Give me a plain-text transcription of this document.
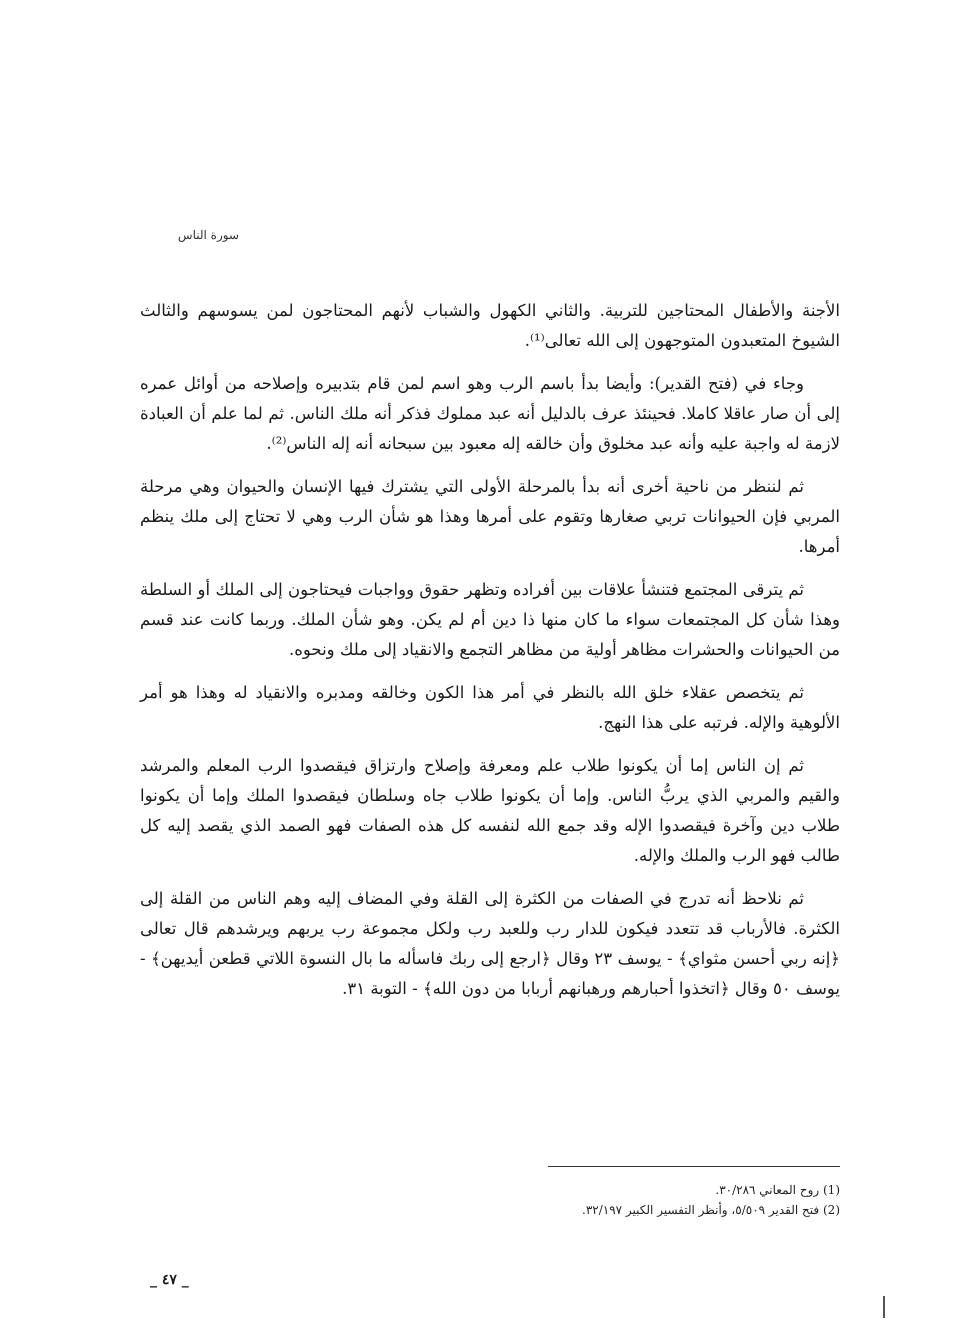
سورة الناس

الأجنة والأطفال المحتاجين للتربية. والثاني الكهول والشباب لأنهم المحتاجون لمن يسوسهم والثالث الشيوخ المتعبدون المتوجهون إلى الله تعالى⁽¹⁾.

وجاء في (فتح القدير): وأيضا بدأ باسم الرب وهو اسم لمن قام بتدبيره وإصلاحه من أوائل عمره إلى أن صار عاقلا كاملا. فحينئذ عرف بالدليل أنه عبد مملوك فذكر أنه ملك الناس. ثم لما علم أن العبادة لازمة له واجبة عليه وأنه عبد مخلوق وأن خالقه إله معبود بين سبحانه أنه إله الناس⁽²⁾.

ثم لننظر من ناحية أخرى أنه بدأ بالمرحلة الأولى التي يشترك فيها الإنسان والحيوان وهي مرحلة المربي فإن الحيوانات تربي صغارها وتقوم على أمرها وهذا هو شأن الرب وهي لا تحتاج إلى ملك ينظم أمرها.

ثم يترقى المجتمع فتنشأ علاقات بين أفراده وتظهر حقوق وواجبات فيحتاجون إلى الملك أو السلطة وهذا شأن كل المجتمعات سواء ما كان منها ذا دين أم لم يكن. وهو شأن الملك. وربما كانت عند قسم من الحيوانات والحشرات مظاهر أولية من مظاهر التجمع والانقياد إلى ملك ونحوه.

ثم يتخصص عقلاء خلق الله بالنظر في أمر هذا الكون وخالقه ومدبره والانقياد له وهذا هو أمر الألوهية والإله. فرتبه على هذا النهج.

ثم إن الناس إما أن يكونوا طلاب علم ومعرفة وإصلاح وارتزاق فيقصدوا الرب المعلم والمرشد والقيم والمربي الذي يربُّ الناس. وإما أن يكونوا طلاب جاه وسلطان فيقصدوا الملك وإما أن يكونوا طلاب دين وآخرة فيقصدوا الإله وقد جمع الله لنفسه كل هذه الصفات فهو الصمد الذي يقصد إليه كل طالب فهو الرب والملك والإله.

ثم نلاحظ أنه تدرج في الصفات من الكثرة إلى القلة وفي المضاف إليه وهم الناس من القلة إلى الكثرة. فالأرباب قد تتعدد فيكون للدار رب وللعبد رب ولكل مجموعة رب يربهم ويرشدهم قال تعالى ﴿إنه ربي أحسن مثواي﴾ - يوسف ٢٣ وقال ﴿ارجع إلى ربك فاسأله ما بال النسوة اللاتي قطعن أيديهن﴾ - يوسف ٥٠ وقال ﴿اتخذوا أحبارهم ورهبانهم أربابا من دون الله﴾ - التوبة ٣١.

(1) روح المعاني ٣٠/٢٨٦.
(2) فتح القدير ٥/٥٠٩، وأنظر التفسير الكبير ٣٢/١٩٧.
_ ٤٧ _
